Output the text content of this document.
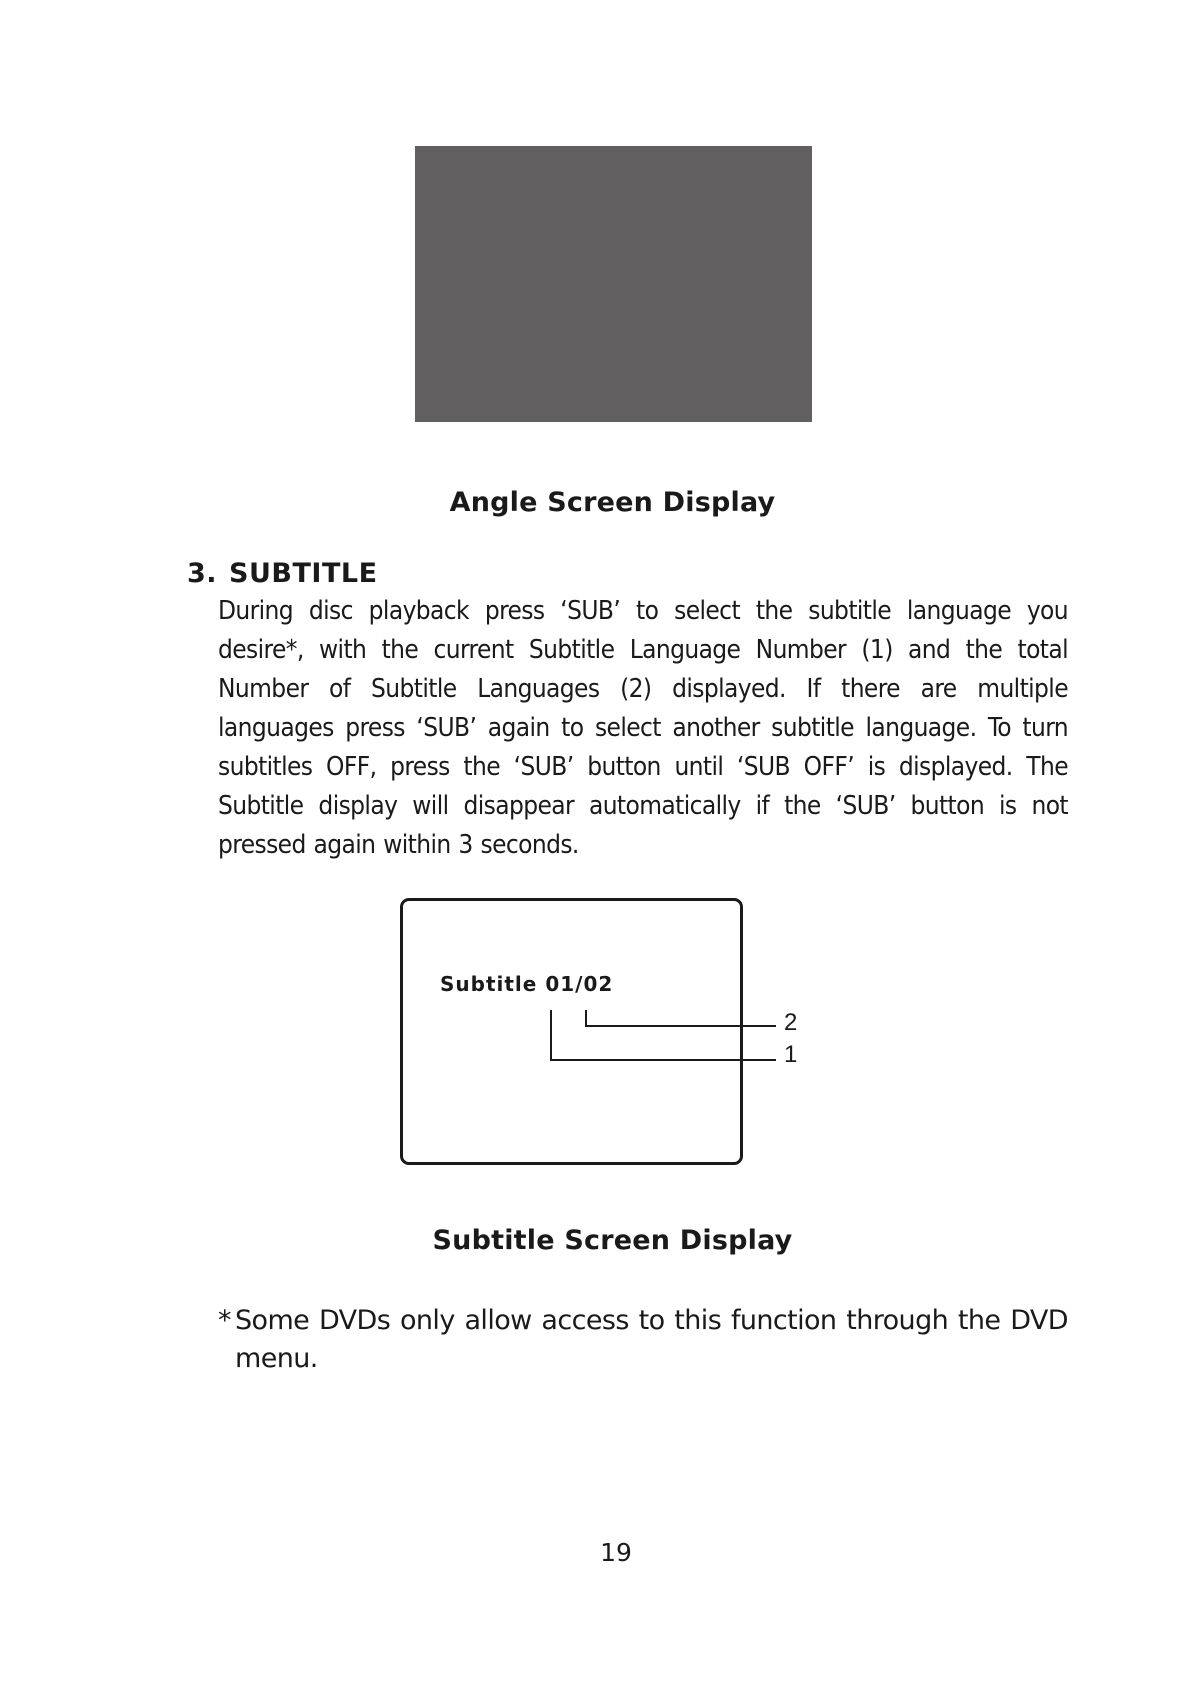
Angle Screen Display
3. SUBTITLE
During disc playback press ‘SUB’ to select the subtitle language you desire*, with the current Subtitle Language Number (1) and the total Number of Subtitle Languages (2) displayed. If there are multiple languages press ‘SUB’ again to select another subtitle language. To turn subtitles OFF, press the ‘SUB’ button until ‘SUB OFF’ is displayed. The Subtitle display will disappear automatically if the ‘SUB’ button is not pressed again within 3 seconds.
Subtitle 01/02
2
1
Subtitle Screen Display
* Some DVDs only allow access to this function through the DVD menu.
19
